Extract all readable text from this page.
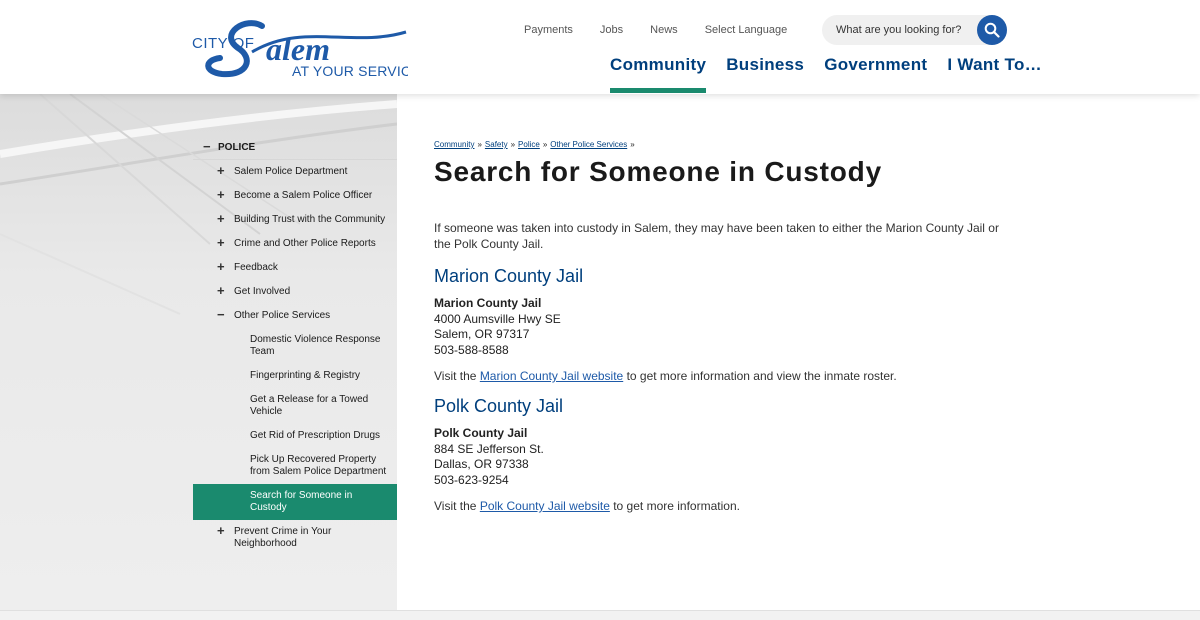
CITY OF alem
AT YOUR SERVICE
Payments Jobs News Select Language
What are you looking for?
Community Business Government I Want To…
− POLICE
+ Salem Police Department
+ Become a Salem Police Officer
+ Building Trust with the Community
+ Crime and Other Police Reports
+ Feedback
+ Get Involved
− Other Police Services
Domestic Violence Response Team
Fingerprinting & Registry
Get a Release for a Towed Vehicle
Get Rid of Prescription Drugs
Pick Up Recovered Property from Salem Police Department
Search for Someone in Custody
+ Prevent Crime in Your Neighborhood
Community » Safety » Police » Other Police Services »
Search for Someone in Custody

If someone was taken into custody in Salem, they may have been taken to either the Marion County Jail or the Polk County Jail.

Marion County Jail
Marion County Jail
4000 Aumsville Hwy SE
Salem, OR 97317
503-588-8588

Visit the Marion County Jail website to get more information and view the inmate roster.

Polk County Jail
Polk County Jail
884 SE Jefferson St.
Dallas, OR 97338
503-623-9254

Visit the Polk County Jail website to get more information.
